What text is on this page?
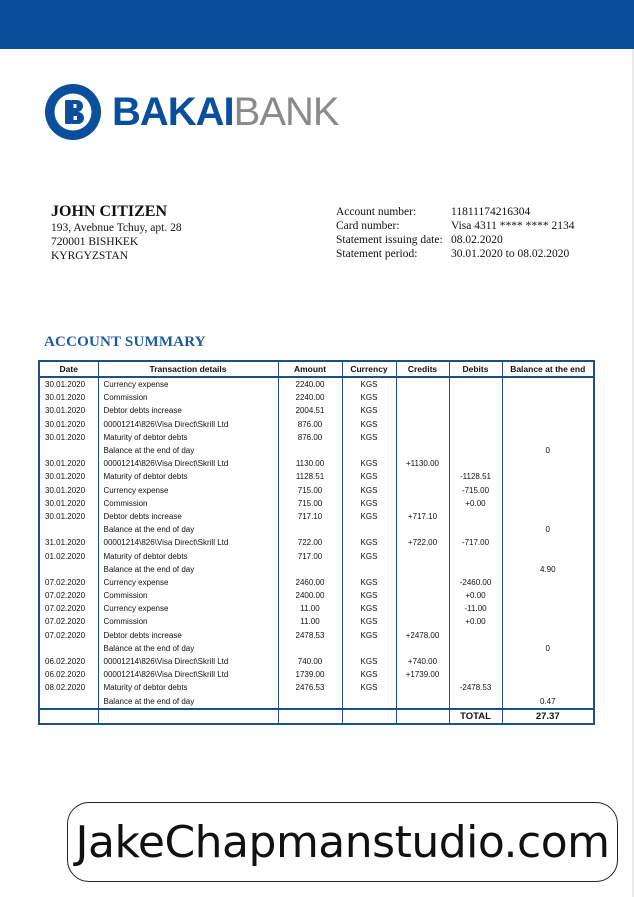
BAKAIBANK
JOHN CITIZEN
193, Avebnue Tchuy, apt. 28
720001 BISHKEK
KYRGYZSTAN
Account number:	11811174216304
Card number:	Visa 4311 **** **** 2134
Statement issuing date: 08.02.2020
Statement period:	30.01.2020 to 08.02.2020
ACCOUNT SUMMARY
Date	Transaction details	Amount	Currency	Credits	Debits	Balance at the end
30.01.2020	Currency expense	2240.00	KGS			
30.01.2020	Commission	2240.00	KGS			
30.01.2020	Debtor debts increase	2004.51	KGS			
30.01.2020	00001214\826\Visa Direct\Skrill Ltd	876.00	KGS			
30.01.2020	Maturity of debtor debts	876.00	KGS			
	Balance at the end of day					0
30.01.2020	00001214\826\Visa Direct\Skrill Ltd	1130.00	KGS	+1130.00		
30.01.2020	Maturity of debtor debts	1128.51	KGS		-1128.51	
30.01.2020	Currency expense	715.00	KGS		-715.00	
30.01.2020	Commission	715.00	KGS		+0.00	
30.01.2020	Debtor debts increase	717.10	KGS	+717.10		
	Balance at the end of day					0
31.01.2020	00001214\826\Visa Direct\Skrill Ltd	722.00	KGS	+722.00	-717.00	
01.02.2020	Maturity of debtor debts	717.00	KGS			
	Balance at the end of day					4.90
07.02.2020	Currency expense	2460.00	KGS		-2460.00	
07.02.2020	Commission	2400.00	KGS		+0.00	
07.02.2020	Currency expense	11.00	KGS		-11.00	
07.02.2020	Commission	11.00	KGS		+0.00	
07.02.2020	Debtor debts increase	2478.53	KGS	+2478.00		
	Balance at the end of day					0
06.02.2020	00001214\826\Visa Direct\Skrill Ltd	740.00	KGS	+740.00		
06.02.2020	00001214\826\Visa Direct\Skrill Ltd	1739.00	KGS	+1739.00		
08.02.2020	Maturity of debtor debts	2476.53	KGS		-2478.53	
	Balance at the end of day					0.47
					TOTAL	27.37
JakeChapmanstudio.com
